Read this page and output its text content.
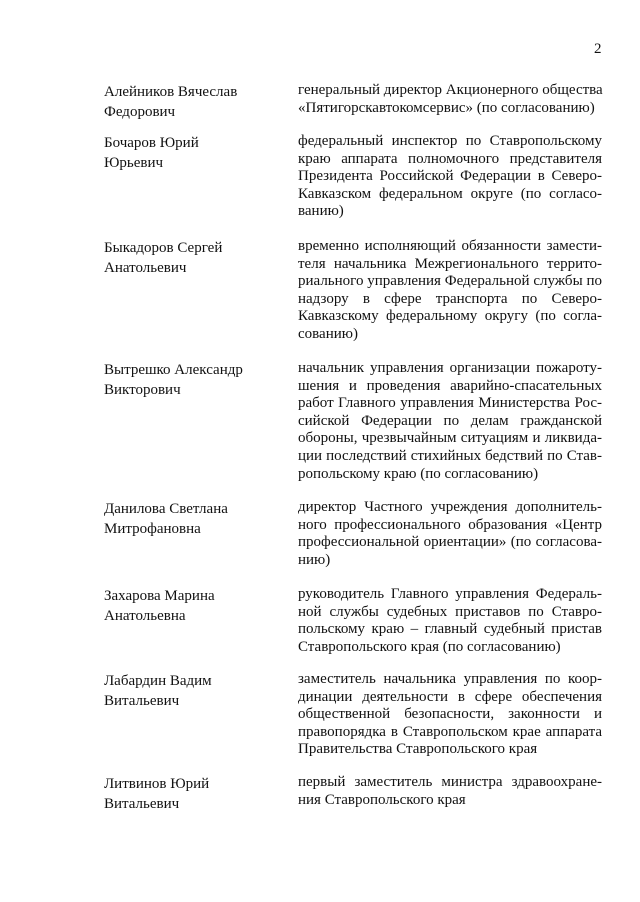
2
Алейников Вячеслав
Федорович
генеральный директор Акционерного общества
«Пятигорскавтокомсервис» (по согласованию)
Бочаров Юрий
Юрьевич
федеральный инспектор по Ставропольскому
краю аппарата полномочного представителя
Президента Российской Федерации в Северо-
Кавказском федеральном округе (по согласо-
ванию)
Быкадоров Сергей
Анатольевич
временно исполняющий обязанности замести-
теля начальника Межрегионального террито-
риального управления Федеральной службы по
надзору в сфере транспорта по Северо-
Кавказскому федеральному округу (по согла-
сованию)
Вытрешко Александр
Викторович
начальник управления организации пожароту-
шения и проведения аварийно-спасательных
работ Главного управления Министерства Рос-
сийской Федерации по делам гражданской
обороны, чрезвычайным ситуациям и ликвида-
ции последствий стихийных бедствий по Став-
ропольскому краю (по согласованию)
Данилова Светлана
Митрофановна
директор Частного учреждения дополнитель-
ного профессионального образования «Центр
профессиональной ориентации» (по согласова-
нию)
Захарова Марина
Анатольевна
руководитель Главного управления Федераль-
ной службы судебных приставов по Ставро-
польскому краю – главный судебный пристав
Ставропольского края (по согласованию)
Лабардин Вадим
Витальевич
заместитель начальника управления по коор-
динации деятельности в сфере обеспечения
общественной безопасности, законности и
правопорядка в Ставропольском крае аппарата
Правительства Ставропольского края
Литвинов Юрий
Витальевич
первый заместитель министра здравоохране-
ния Ставропольского края
